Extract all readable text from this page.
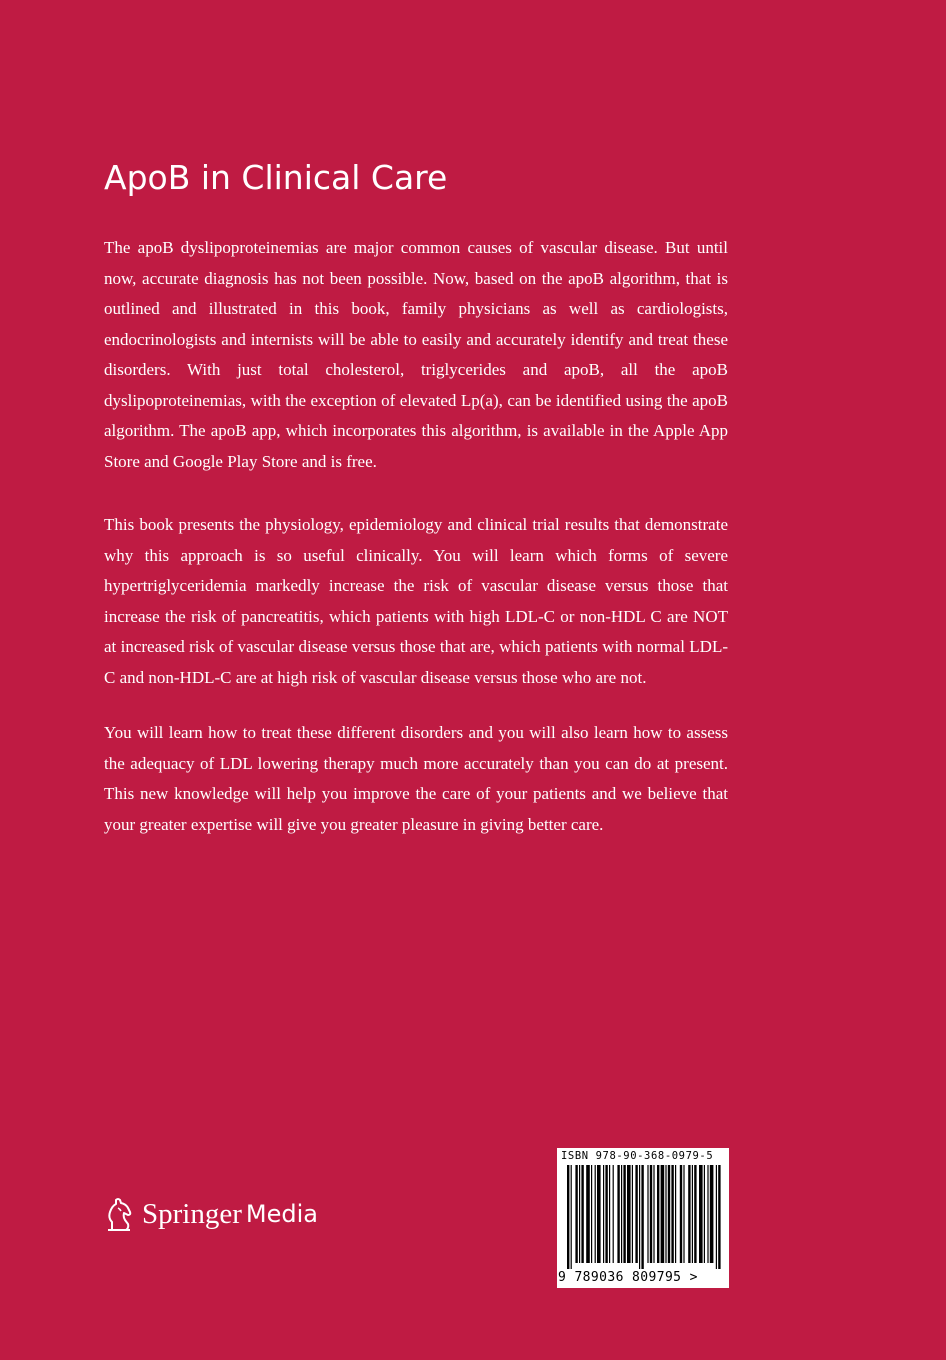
ApoB in Clinical Care

The apoB dyslipoproteinemias are major common causes of vascular disease. But until now, accurate diagnosis has not been possible. Now, based on the apoB algorithm, that is outlined and illustrated in this book, family physicians as well as cardiologists, endocrinologists and internists will be able to easily and accurately identify and treat these disorders. With just total cholesterol, triglycerides and apoB, all the apoB dyslipoproteinemias, with the exception of elevated Lp(a), can be identified using the apoB algorithm. The apoB app, which incorporates this algorithm, is available in the Apple App Store and Google Play Store and is free.

This book presents the physiology, epidemiology and clinical trial results that demonstrate why this approach is so useful clinically. You will learn which forms of severe hypertriglyceridemia markedly increase the risk of vascular disease versus those that increase the risk of pancreatitis, which patients with high LDL-C or non-HDL C are NOT at increased risk of vascular disease versus those that are, which patients with normal LDL-C and non-HDL-C are at high risk of vascular disease versus those who are not.

You will learn how to treat these different disorders and you will also learn how to assess the adequacy of LDL lowering therapy much more accurately than you can do at present. This new knowledge will help you improve the care of your patients and we believe that your greater expertise will give you greater pleasure in giving better care.

Springer Media
ISBN 978-90-368-0979-5
9 789036 809795 >
